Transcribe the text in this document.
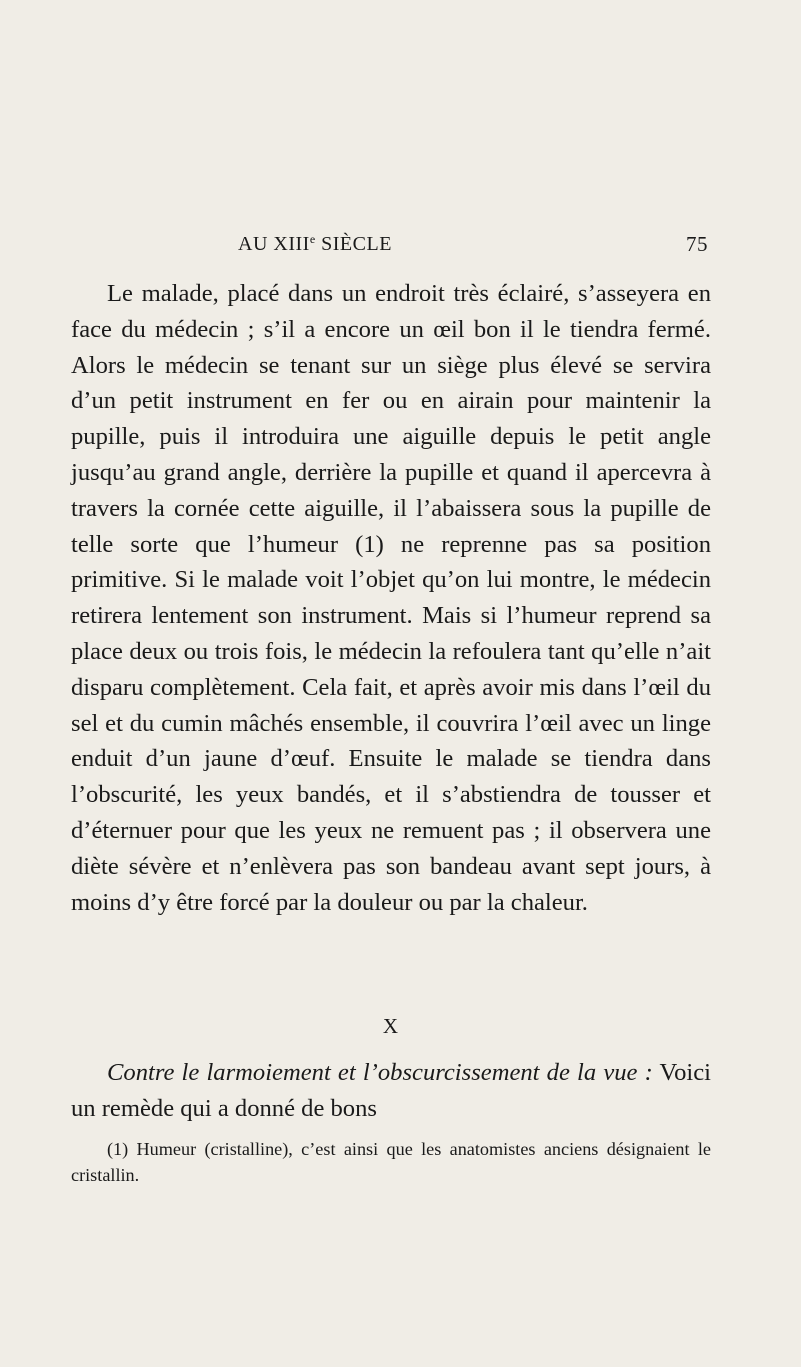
AU XIIIe SIÈCLE	75

Le malade, placé dans un endroit très éclairé, s’asseyera en face du médecin ; s’il a encore un œil bon il le tiendra fermé. Alors le médecin se tenant sur un siège plus élevé se servira d’un petit instrument en fer ou en airain pour maintenir la pupille, puis il introduira une aiguille depuis le petit angle jusqu’au grand angle, derrière la pupille et quand il apercevra à travers la cornée cette aiguille, il l’abaissera sous la pupille de telle sorte que l’humeur (1) ne reprenne pas sa position primitive. Si le malade voit l’objet qu’on lui montre, le médecin retirera lentement son instrument. Mais si l’humeur reprend sa place deux ou trois fois, le médecin la refoulera tant qu’elle n’ait disparu complètement. Cela fait, et après avoir mis dans l’œil du sel et du cumin mâchés ensemble, il couvrira l’œil avec un linge enduit d’un jaune d’œuf. Ensuite le malade se tiendra dans l’obscurité, les yeux bandés, et il s’abstiendra de tousser et d’éternuer pour que les yeux ne remuent pas ; il observera une diète sévère et n’enlèvera pas son bandeau avant sept jours, à moins d’y être forcé par la douleur ou par la chaleur.

X

Contre le larmoiement et l’obscurcissement de la vue : Voici un remède qui a donné de bons

(1) Humeur (cristalline), c’est ainsi que les anatomistes anciens désignaient le cristallin.
